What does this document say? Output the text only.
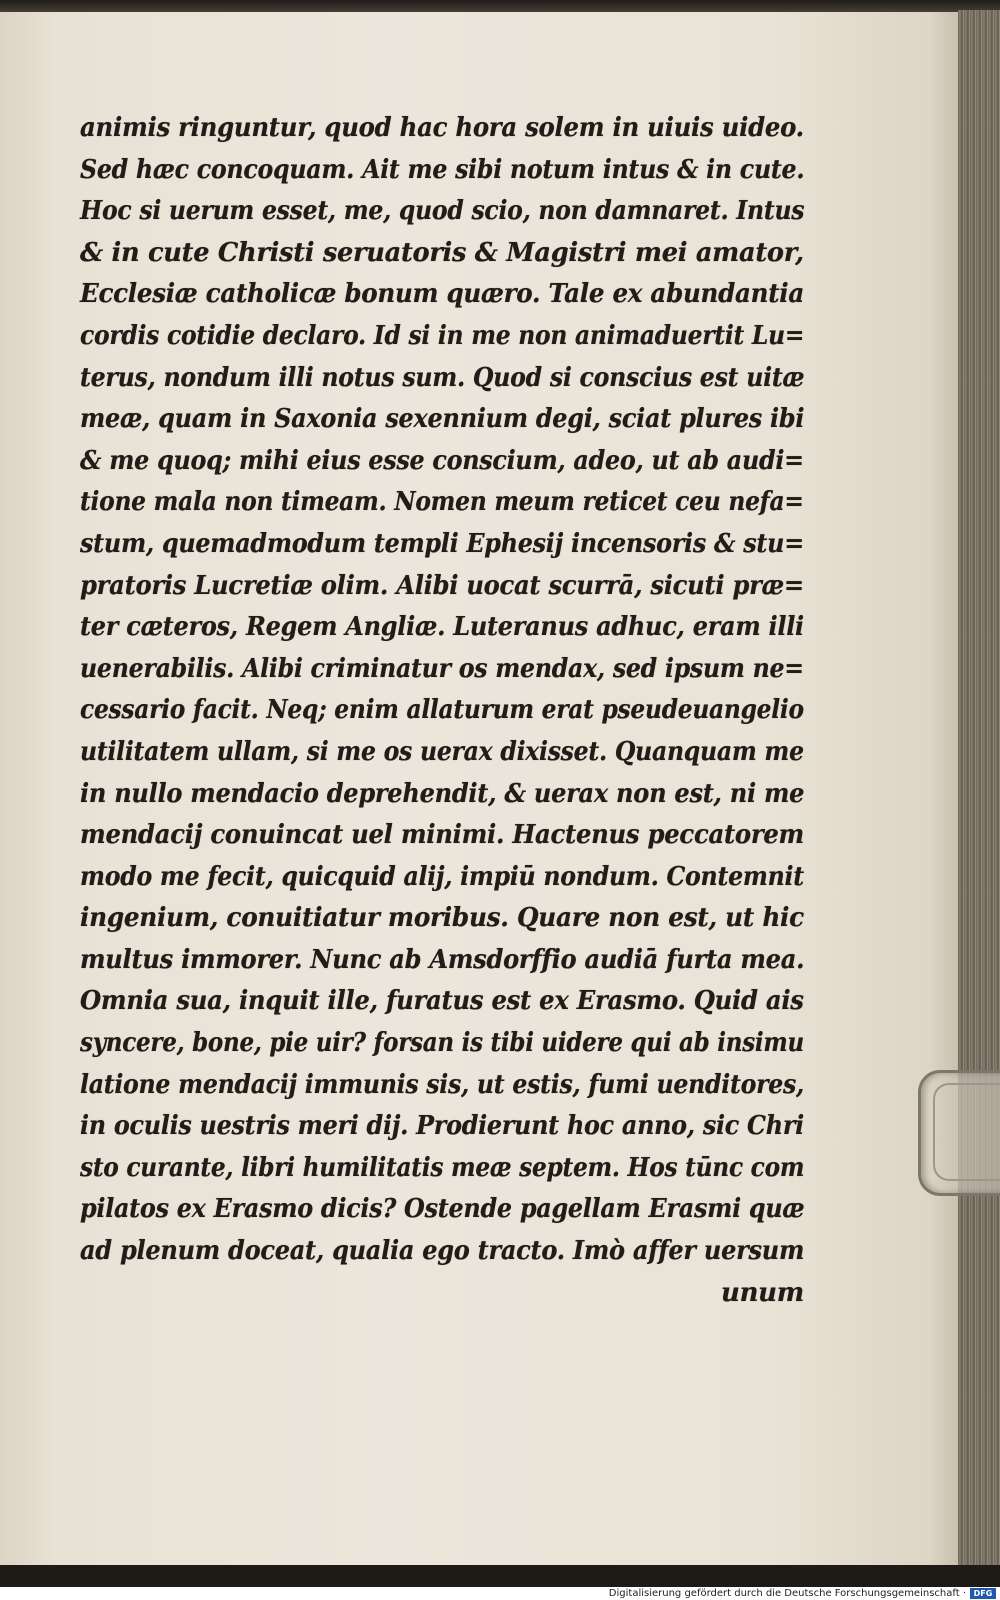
animis ringuntur, quod hac hora solem in uiuis uideo.
Sed hæc concoquam. Ait me sibi notum intus & in cute.
Hoc si uerum esset, me, quod scio, non damnaret. Intus
& in cute Christi seruatoris & Magistri mei amator,
Ecclesiæ catholicæ bonum quæro. Tale ex abundantia
cordis cotidie declaro. Id si in me non animaduertit Lu=
terus, nondum illi notus sum. Quod si conscius est uitæ
meæ, quam in Saxonia sexennium degi, sciat plures ibi
& me quoq; mihi eius esse conscium, adeo, ut ab audi=
tione mala non timeam. Nomen meum reticet ceu nefa=
stum, quemadmodum templi Ephesij incensoris & stu=
pratoris Lucretiæ olim. Alibi uocat scurrā, sicuti præ=
ter cæteros, Regem Angliæ. Luteranus adhuc, eram illi
uenerabilis. Alibi criminatur os mendax, sed ipsum ne=
cessario facit. Neq; enim allaturum erat pseudeuangelio
utilitatem ullam, si me os uerax dixisset. Quanquam me
in nullo mendacio deprehendit, & uerax non est, ni me
mendacij conuincat uel minimi. Hactenus peccatorem
modo me fecit, quicquid alij, impiū nondum. Contemnit
ingenium, conuitiatur moribus. Quare non est, ut hic
multus immorer. Nunc ab Amsdorffio audiā furta mea.
Omnia sua, inquit ille, furatus est ex Erasmo. Quid ais
syncere, bone, pie uir? forsan is tibi uidere qui ab insimu
latione mendacij immunis sis, ut estis, fumi uenditores,
in oculis uestris meri dij. Prodierunt hoc anno, sic Chri
sto curante, libri humilitatis meæ septem. Hos tūnc com
pilatos ex Erasmo dicis? Ostende pagellam Erasmi quæ
ad plenum doceat, qualia ego tracto. Imò affer uersum
unum
Digitalisierung gefördert durch die Deutsche Forschungsgemeinschaft · DFG
